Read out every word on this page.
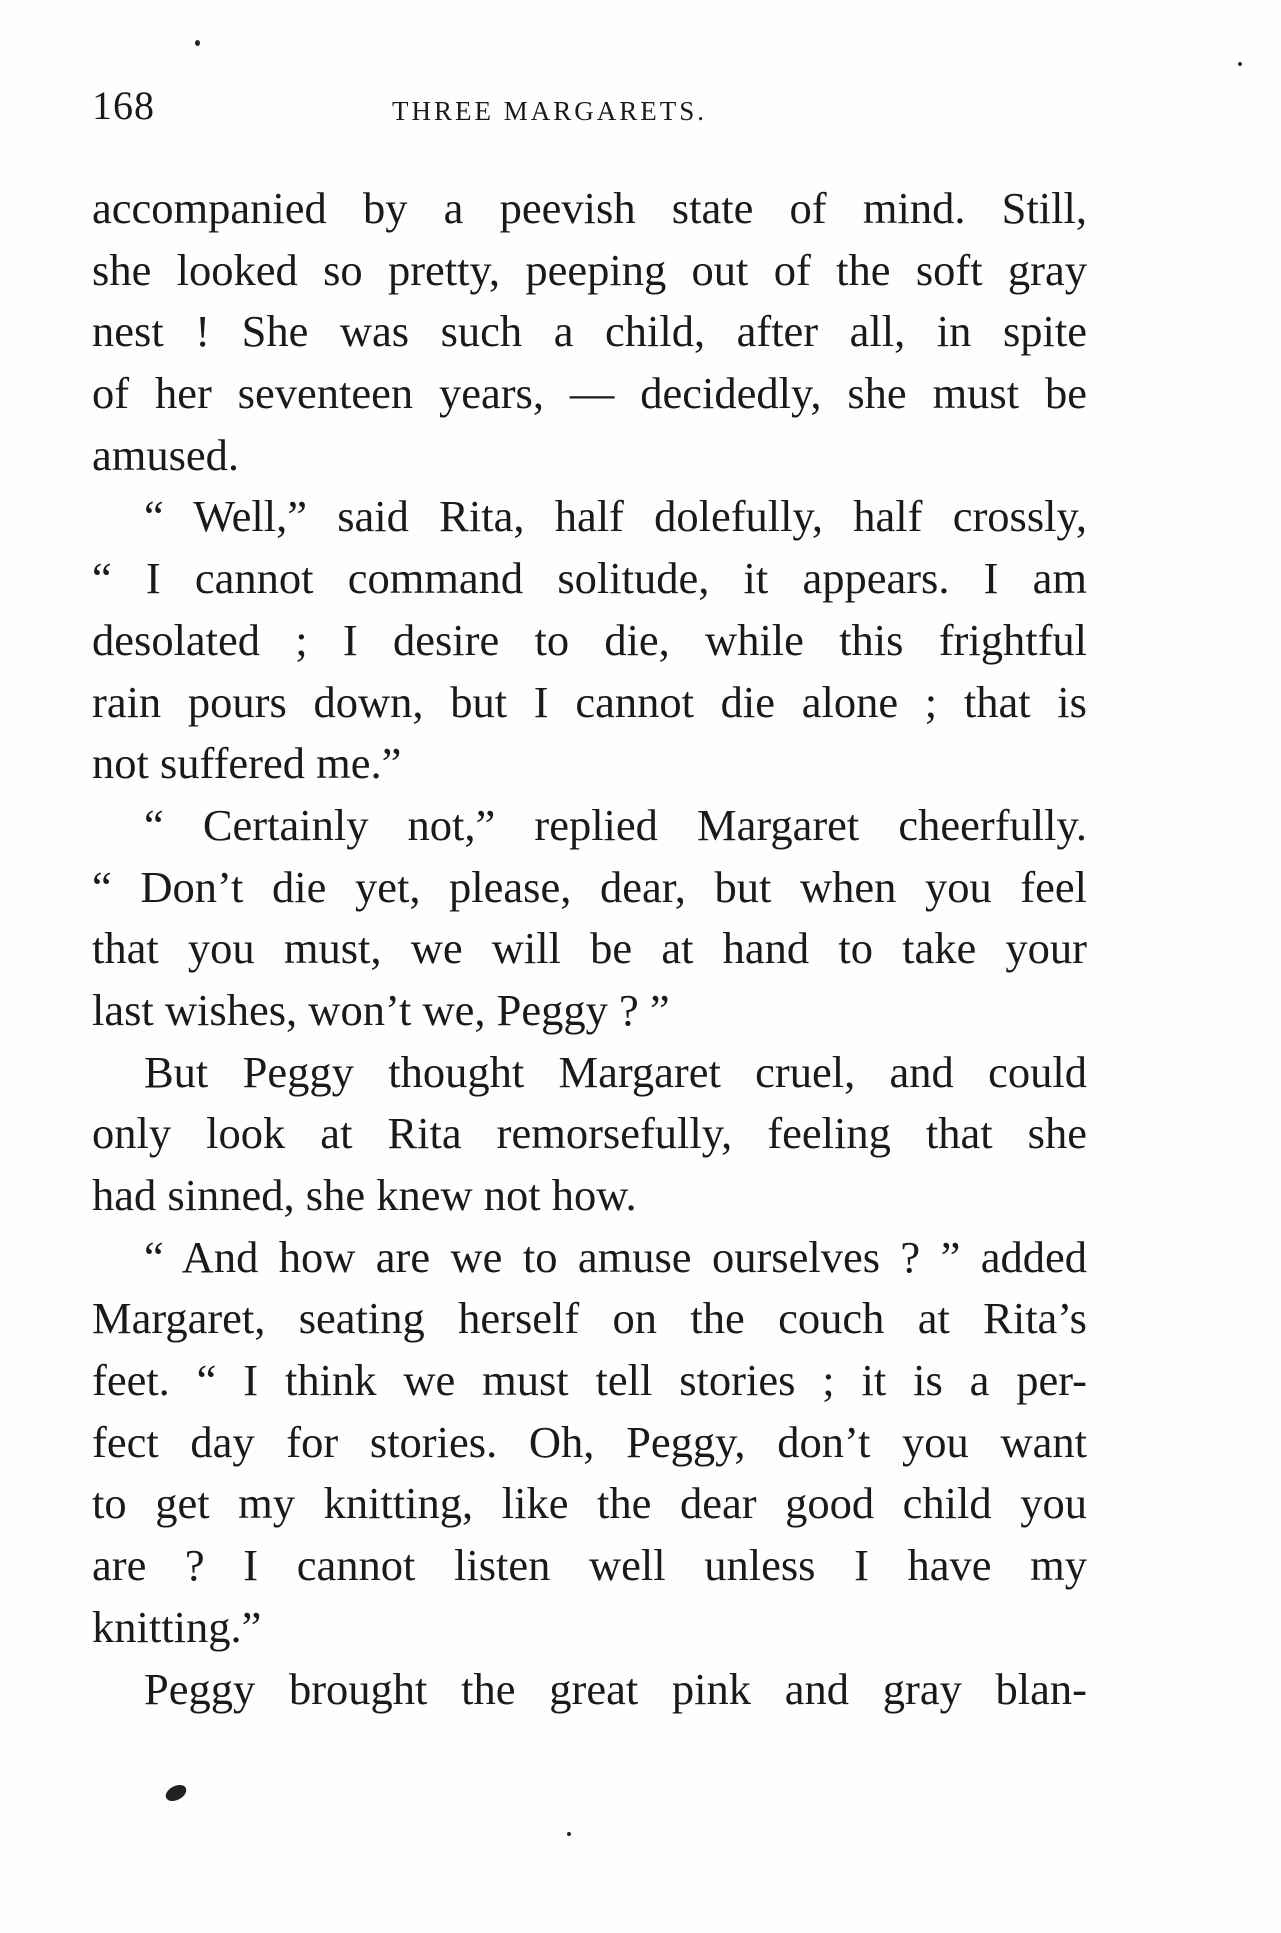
168	THREE MARGARETS.
accompanied by a peevish state of mind. Still,
she looked so pretty, peeping out of the soft gray
nest ! She was such a child, after all, in spite
of her seventeen years, — decidedly, she must be
amused.
“ Well,” said Rita, half dolefully, half crossly,
“ I cannot command solitude, it appears. I am
desolated ; I desire to die, while this frightful
rain pours down, but I cannot die alone ; that is
not suffered me.”
“ Certainly not,” replied Margaret cheerfully.
“ Don’t die yet, please, dear, but when you feel
that you must, we will be at hand to take your
last wishes, won’t we, Peggy ? ”
But Peggy thought Margaret cruel, and could
only look at Rita remorsefully, feeling that she
had sinned, she knew not how.
“ And how are we to amuse ourselves ? ” added
Margaret, seating herself on the couch at Rita’s
feet. “ I think we must tell stories ; it is a per-
fect day for stories. Oh, Peggy, don’t you want
to get my knitting, like the dear good child you
are ? I cannot listen well unless I have my
knitting.”
Peggy brought the great pink and gray blan-
